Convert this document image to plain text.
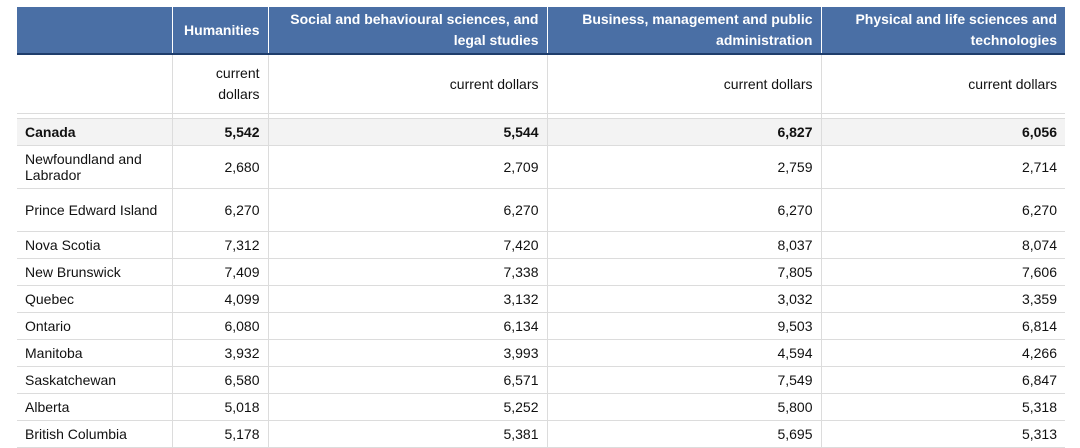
	Humanities	Social and behavioural sciences, and legal studies	Business, management and public administration	Physical and life sciences and technologies
	current dollars	current dollars	current dollars	current dollars

Canada	5,542	5,544	6,827	6,056
Newfoundland and Labrador	2,680	2,709	2,759	2,714
Prince Edward Island	6,270	6,270	6,270	6,270
Nova Scotia	7,312	7,420	8,037	8,074
New Brunswick	7,409	7,338	7,805	7,606
Quebec	4,099	3,132	3,032	3,359
Ontario	6,080	6,134	9,503	6,814
Manitoba	3,932	3,993	4,594	4,266
Saskatchewan	6,580	6,571	7,549	6,847
Alberta	5,018	5,252	5,800	5,318
British Columbia	5,178	5,381	5,695	5,313
